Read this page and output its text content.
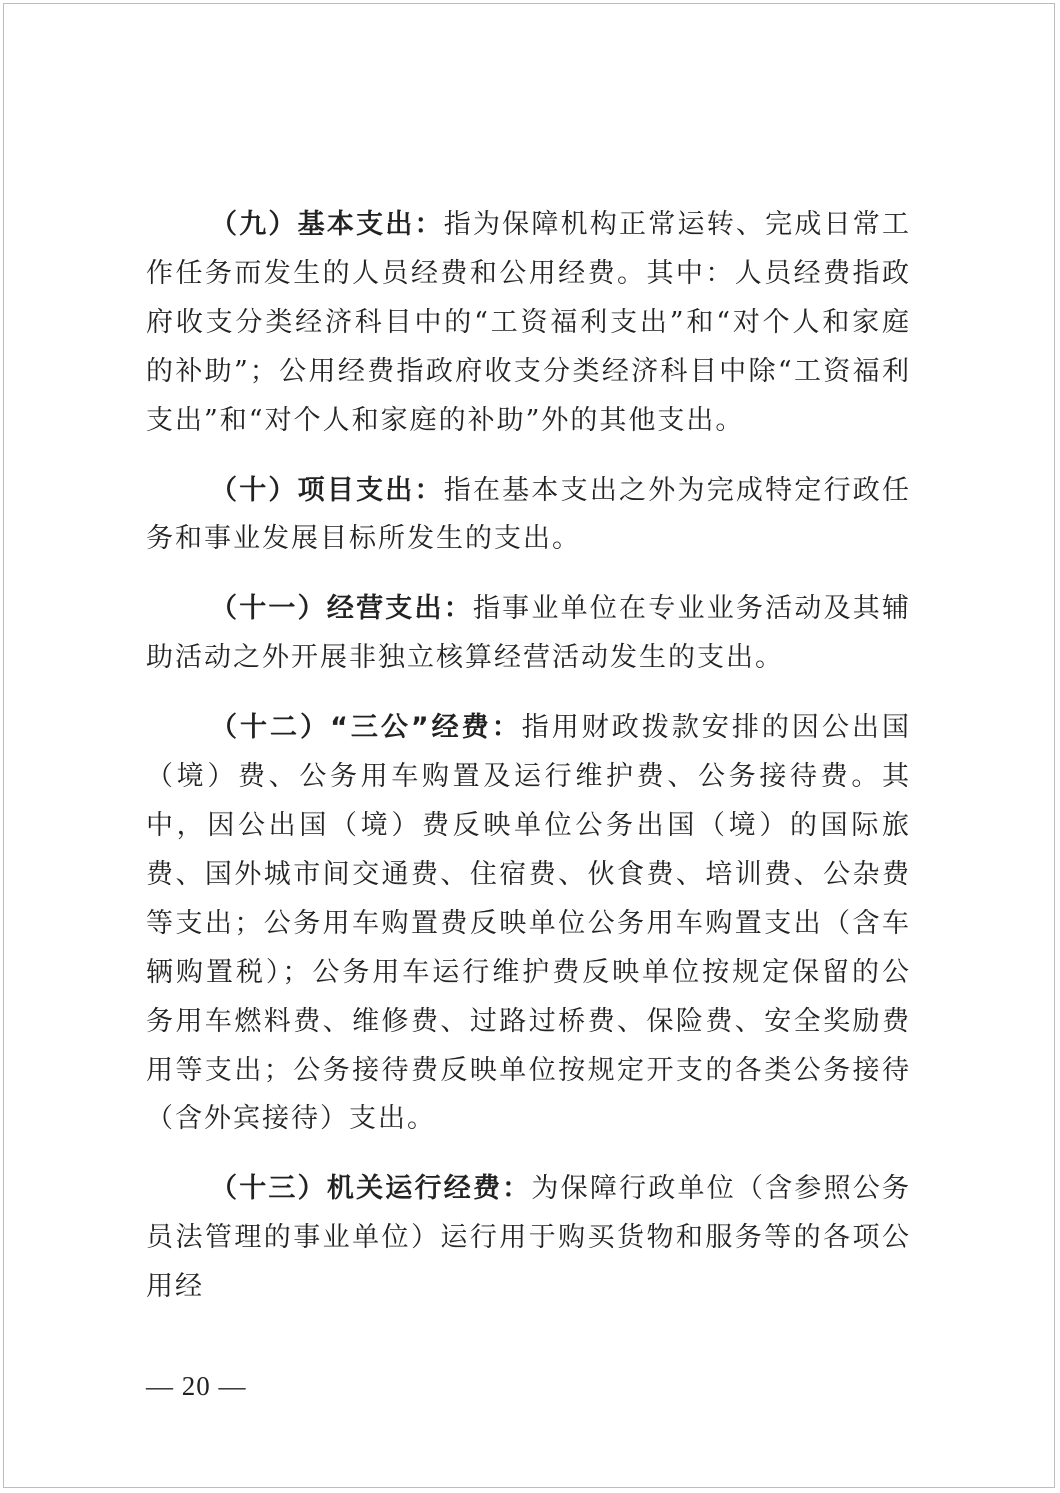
（九）基本支出：指为保障机构正常运转、完成日常工作任务而发生的人员经费和公用经费。其中：人员经费指政府收支分类经济科目中的“工资福利支出”和“对个人和家庭的补助”；公用经费指政府收支分类经济科目中除“工资福利支出”和“对个人和家庭的补助”外的其他支出。

（十）项目支出：指在基本支出之外为完成特定行政任务和事业发展目标所发生的支出。

（十一）经营支出：指事业单位在专业业务活动及其辅助活动之外开展非独立核算经营活动发生的支出。

（十二）“三公”经费：指用财政拨款安排的因公出国（境）费、公务用车购置及运行维护费、公务接待费。其中，因公出国（境）费反映单位公务出国（境）的国际旅费、国外城市间交通费、住宿费、伙食费、培训费、公杂费等支出；公务用车购置费反映单位公务用车购置支出（含车辆购置税）；公务用车运行维护费反映单位按规定保留的公务用车燃料费、维修费、过路过桥费、保险费、安全奖励费用等支出；公务接待费反映单位按规定开支的各类公务接待（含外宾接待）支出。

（十三）机关运行经费：为保障行政单位（含参照公务员法管理的事业单位）运行用于购买货物和服务等的各项公用经

— 20 —
